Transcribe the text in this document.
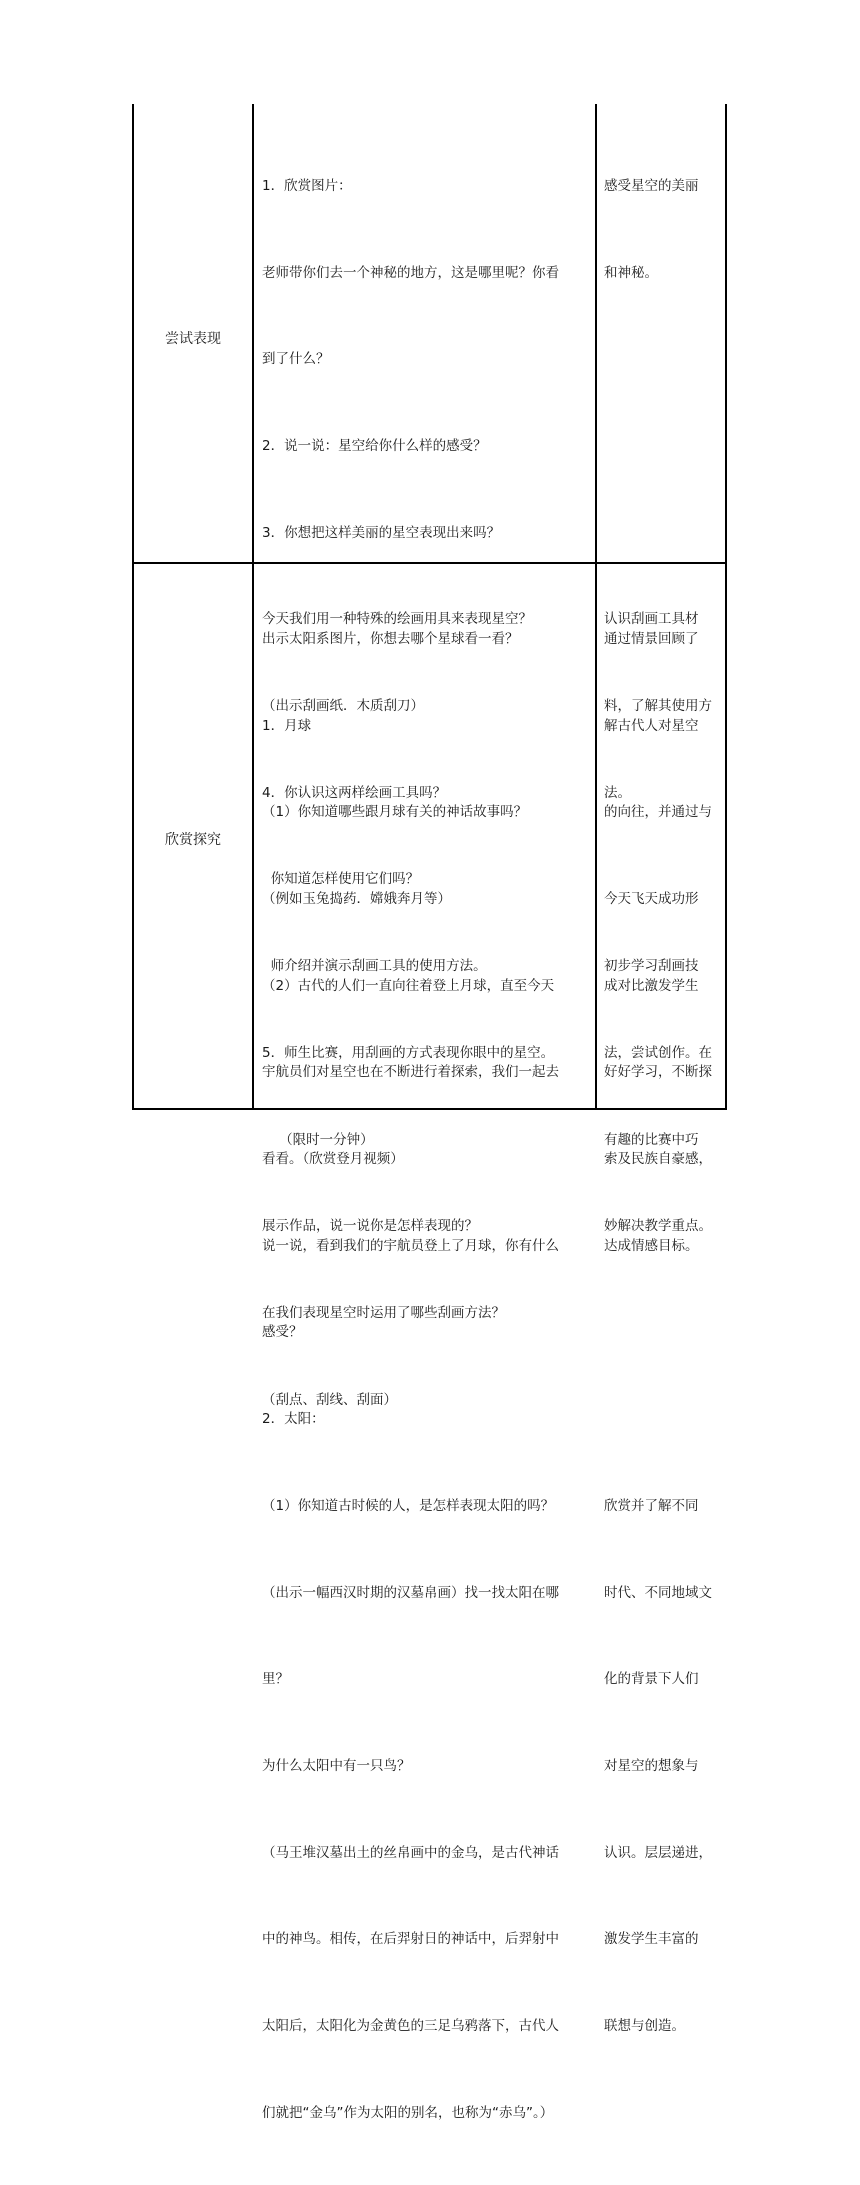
尝试表现

1．欣赏图片：

老师带你们去一个神秘的地方，这是哪里呢？你看

到了什么？

2．说一说：星空给你什么样的感受？

3．你想把这样美丽的星空表现出来吗？

今天我们用一种特殊的绘画用具来表现星空？

（出示刮画纸．木质刮刀）

4．你认识这两样绘画工具吗？

你知道怎样使用它们吗？

师介绍并演示刮画工具的使用方法。

5．师生比赛，用刮画的方式表现你眼中的星空。

（限时一分钟）

展示作品，说一说你是怎样表现的？

在我们表现星空时运用了哪些刮画方法？

（刮点、刮线、刮面）

感受星空的美丽

和神秘。

认识刮画工具材

料，了解其使用方

法。

初步学习刮画技

法，尝试创作。在

有趣的比赛中巧

妙解决教学重点。

欣赏探究

出示太阳系图片，你想去哪个星球看一看？

1．月球

（1）你知道哪些跟月球有关的神话故事吗？

（例如玉兔捣药．嫦娥奔月等）

（2）古代的人们一直向往着登上月球，直至今天

宇航员们对星空也在不断进行着探索，我们一起去

看看。（欣赏登月视频）

说一说，看到我们的宇航员登上了月球，你有什么

感受？

2．太阳：

（1）你知道古时候的人，是怎样表现太阳的吗？

（出示一幅西汉时期的汉墓帛画）找一找太阳在哪

里？

为什么太阳中有一只鸟？

（马王堆汉墓出土的丝帛画中的金乌，是古代神话

中的神鸟。相传，在后羿射日的神话中，后羿射中

太阳后，太阳化为金黄色的三足乌鸦落下，古代人

们就把“金乌”作为太阳的别名，也称为“赤乌”。）

通过情景回顾了

解古代人对星空

的向往，并通过与

今天飞天成功形

成对比激发学生

好好学习，不断探

索及民族自豪感，

达成情感目标。

欣赏并了解不同

时代、不同地域文

化的背景下人们

对星空的想象与

认识。层层递进，

激发学生丰富的

联想与创造。
